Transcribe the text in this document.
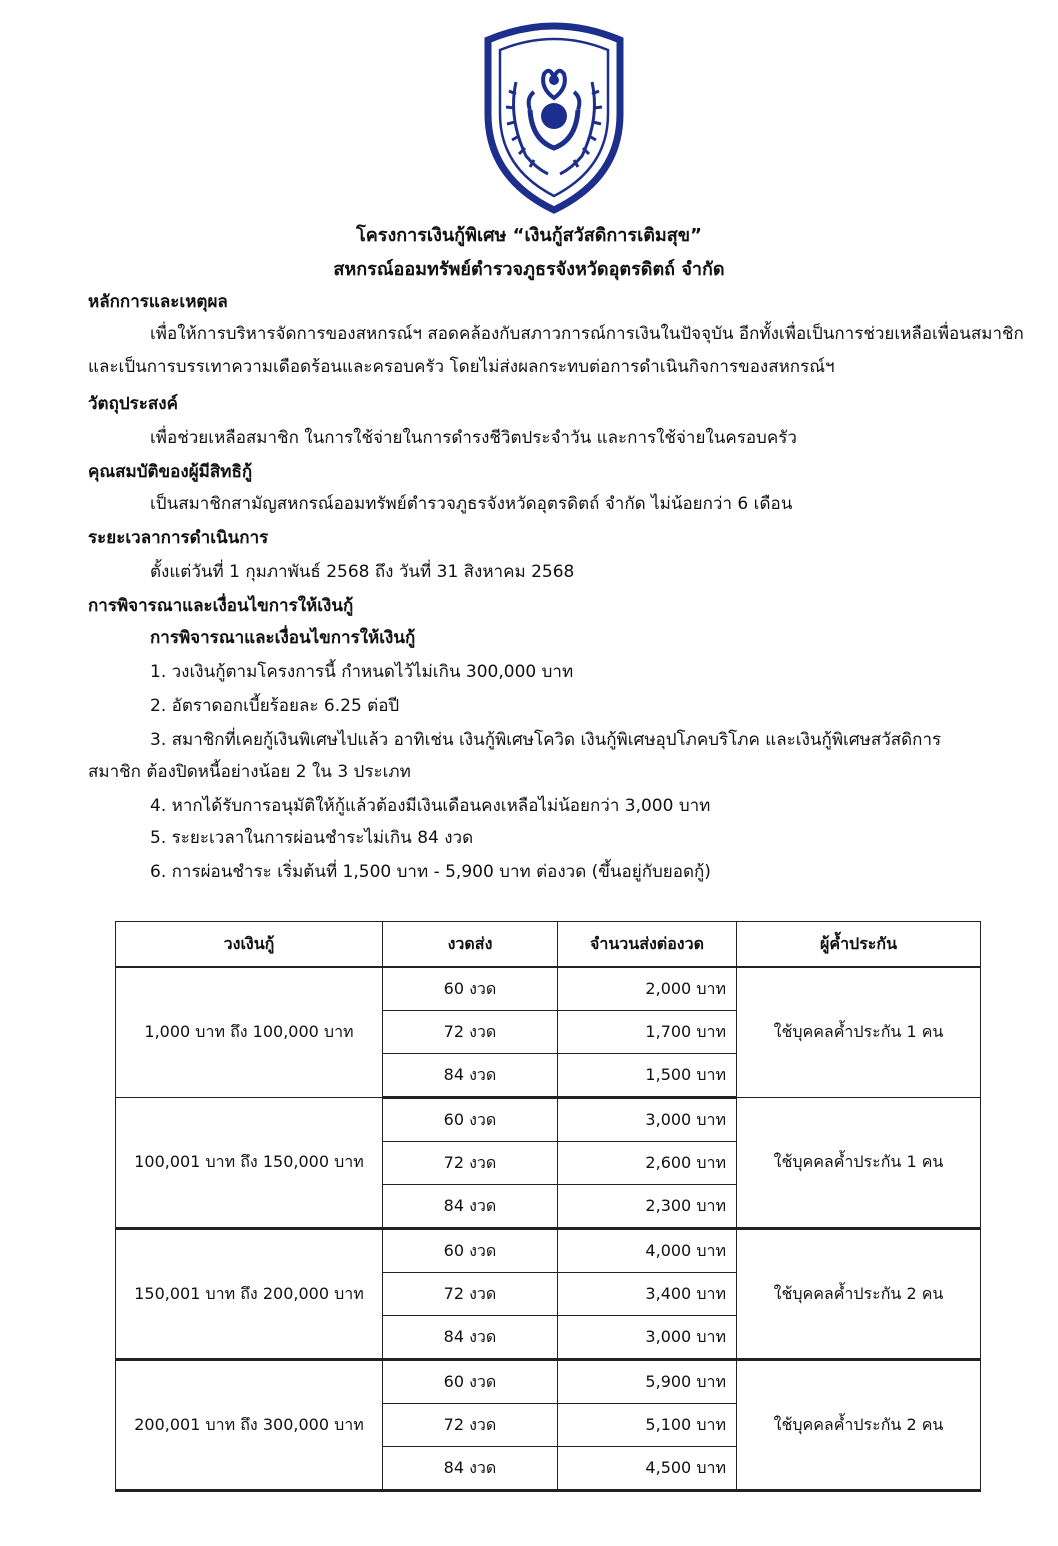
โครงการเงินกู้พิเศษ “เงินกู้สวัสดิการเติมสุข”
สหกรณ์ออมทรัพย์ตำรวจภูธรจังหวัดอุตรดิตถ์ จำกัด
หลักการและเหตุผล
เพื่อให้การบริหารจัดการของสหกรณ์ฯ สอดคล้องกับสภาวการณ์การเงินในปัจจุบัน อีกทั้งเพื่อเป็นการช่วยเหลือเพื่อนสมาชิก และเป็นการบรรเทาความเดือดร้อนและครอบครัว โดยไม่ส่งผลกระทบต่อการดำเนินกิจการของสหกรณ์ฯ
วัตถุประสงค์
เพื่อช่วยเหลือสมาชิก ในการใช้จ่ายในการดำรงชีวิตประจำวัน และการใช้จ่ายในครอบครัว
คุณสมบัติของผู้มีสิทธิกู้
เป็นสมาชิกสามัญสหกรณ์ออมทรัพย์ตำรวจภูธรจังหวัดอุตรดิตถ์ จำกัด ไม่น้อยกว่า 6 เดือน
ระยะเวลาการดำเนินการ
ตั้งแต่วันที่ 1 กุมภาพันธ์ 2568 ถึง วันที่ 31 สิงหาคม 2568
การพิจารณาและเงื่อนไขการให้เงินกู้
การพิจารณาและเงื่อนไขการให้เงินกู้
1. วงเงินกู้ตามโครงการนี้ กำหนดไว้ไม่เกิน 300,000 บาท
2. อัตราดอกเบี้ยร้อยละ 6.25 ต่อปี
3. สมาชิกที่เคยกู้เงินพิเศษไปแล้ว อาทิเช่น เงินกู้พิเศษโควิด เงินกู้พิเศษอุปโภคบริโภค และเงินกู้พิเศษสวัสดิการ
สมาชิก ต้องปิดหนี้อย่างน้อย 2 ใน 3 ประเภท
4. หากได้รับการอนุมัติให้กู้แล้วต้องมีเงินเดือนคงเหลือไม่น้อยกว่า 3,000 บาท
5. ระยะเวลาในการผ่อนชำระไม่เกิน 84 งวด
6. การผ่อนชำระ เริ่มต้นที่ 1,500 บาท - 5,900 บาท ต่องวด (ขึ้นอยู่กับยอดกู้)
วงเงินกู้	งวดส่ง	จำนวนส่งต่องวด	ผู้ค้ำประกัน
1,000 บาท ถึง 100,000 บาท	60 งวด	2,000 บาท	ใช้บุคคลค้ำประกัน 1 คน
	72 งวด	1,700 บาท	
	84 งวด	1,500 บาท	
100,001 บาท ถึง 150,000 บาท	60 งวด	3,000 บาท	ใช้บุคคลค้ำประกัน 1 คน
	72 งวด	2,600 บาท	
	84 งวด	2,300 บาท	
150,001 บาท ถึง 200,000 บาท	60 งวด	4,000 บาท	ใช้บุคคลค้ำประกัน 2 คน
	72 งวด	3,400 บาท	
	84 งวด	3,000 บาท	
200,001 บาท ถึง 300,000 บาท	60 งวด	5,900 บาท	ใช้บุคคลค้ำประกัน 2 คน
	72 งวด	5,100 บาท	
	84 งวด	4,500 บาท	
